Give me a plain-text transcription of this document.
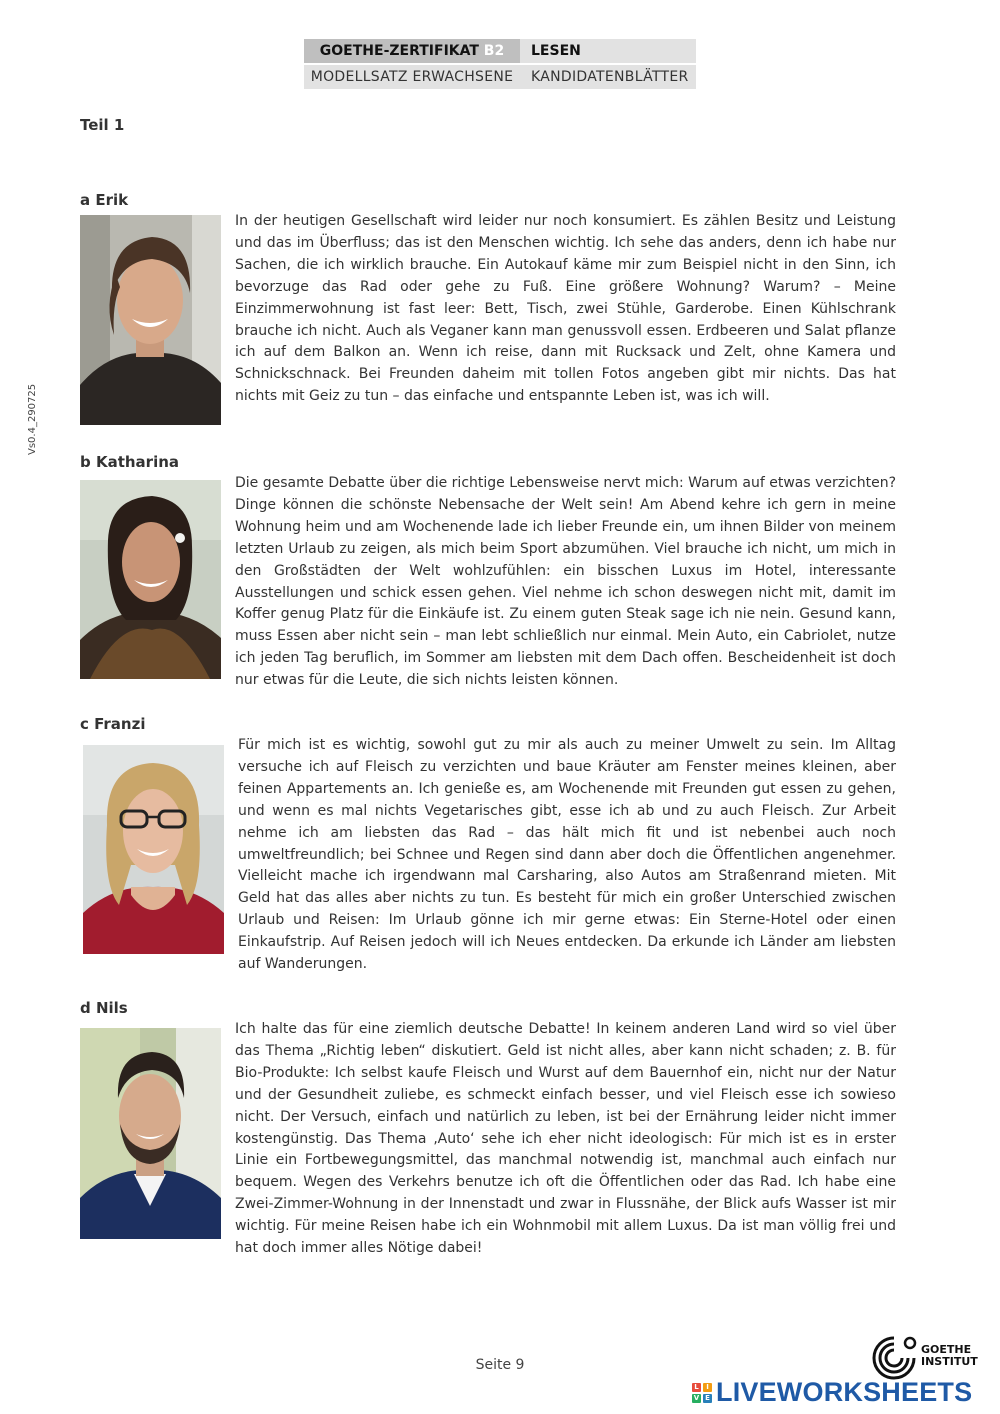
GOETHE-ZERTIFIKAT B2	LESEN
MODELLSATZ ERWACHSENE	KANDIDATENBLÄTTER
Teil 1
Vs0.4_290725
a Erik

In der heutigen Gesellschaft wird leider nur noch konsumiert. Es zählen Besitz und Leistung und das im Überfluss; das ist den Menschen wichtig. Ich sehe das anders, denn ich habe nur Sachen, die ich wirklich brauche. Ein Autokauf käme mir zum Beispiel nicht in den Sinn, ich bevorzuge das Rad oder gehe zu Fuß. Eine größere Wohnung? Warum? – Meine Einzimmerwohnung ist fast leer: Bett, Tisch, zwei Stühle, Garderobe. Einen Kühlschrank brauche ich nicht. Auch als Veganer kann man genussvoll essen. Erdbeeren und Salat pflanze ich auf dem Balkon an. Wenn ich reise, dann mit Rucksack und Zelt, ohne Kamera und Schnickschnack. Bei Freunden daheim mit tollen Fotos angeben gibt mir nichts. Das hat nichts mit Geiz zu tun – das einfache und entspannte Leben ist, was ich will.

b Katharina

Die gesamte Debatte über die richtige Lebensweise nervt mich: Warum auf etwas verzichten? Dinge können die schönste Nebensache der Welt sein! Am Abend kehre ich gern in meine Wohnung heim und am Wochenende lade ich lieber Freunde ein, um ihnen Bilder von meinem letzten Urlaub zu zeigen, als mich beim Sport abzumühen. Viel brauche ich nicht, um mich in den Großstädten der Welt wohlzufühlen: ein bisschen Luxus im Hotel, interessante Ausstellungen und schick essen gehen. Viel nehme ich schon deswegen nicht mit, damit im Koffer genug Platz für die Einkäufe ist. Zu einem guten Steak sage ich nie nein. Gesund kann, muss Essen aber nicht sein – man lebt schließlich nur einmal. Mein Auto, ein Cabriolet, nutze ich jeden Tag beruflich, im Sommer am liebsten mit dem Dach offen. Bescheidenheit ist doch nur etwas für die Leute, die sich nichts leisten können.

c Franzi

Für mich ist es wichtig, sowohl gut zu mir als auch zu meiner Umwelt zu sein. Im Alltag versuche ich auf Fleisch zu verzichten und baue Kräuter am Fenster meines kleinen, aber feinen Appartements an. Ich genieße es, am Wochenende mit Freunden gut essen zu gehen, und wenn es mal nichts Vegetarisches gibt, esse ich ab und zu auch Fleisch. Zur Arbeit nehme ich am liebsten das Rad – das hält mich fit und ist nebenbei auch noch umweltfreundlich; bei Schnee und Regen sind dann aber doch die Öffentlichen angenehmer. Vielleicht mache ich irgendwann mal Carsharing, also Autos am Straßenrand mieten. Mit Geld hat das alles aber nichts zu tun. Es besteht für mich ein großer Unterschied zwischen Urlaub und Reisen: Im Urlaub gönne ich mir gerne etwas: Ein Sterne-Hotel oder einen Einkaufstrip. Auf Reisen jedoch will ich Neues entdecken. Da erkunde ich Länder am liebsten auf Wanderungen.

d Nils

Ich halte das für eine ziemlich deutsche Debatte! In keinem anderen Land wird so viel über das Thema „Richtig leben“ diskutiert. Geld ist nicht alles, aber kann nicht schaden; z. B. für Bio-Produkte: Ich selbst kaufe Fleisch und Wurst auf dem Bauernhof ein, nicht nur der Natur und der Gesundheit zuliebe, es schmeckt einfach besser, und viel Fleisch esse ich sowieso nicht. Der Versuch, einfach und natürlich zu leben, ist bei der Ernährung leider nicht immer kostengünstig. Das Thema ‚Auto‘ sehe ich eher nicht ideologisch: Für mich ist es in erster Linie ein Fortbewegungsmittel, das manchmal notwendig ist, manchmal auch einfach nur bequem. Wegen des Verkehrs benutze ich oft die Öffentlichen oder das Rad. Ich habe eine Zwei-Zimmer-Wohnung in der Innenstadt und zwar in Flussnähe, der Blick aufs Wasser ist mir wichtig. Für meine Reisen habe ich ein Wohnmobil mit allem Luxus. Da ist man völlig frei und hat doch immer alles Nötige dabei!

Seite 9
GOETHE
INSTITUT
L	I
V E LIVEWORKSHEETS
